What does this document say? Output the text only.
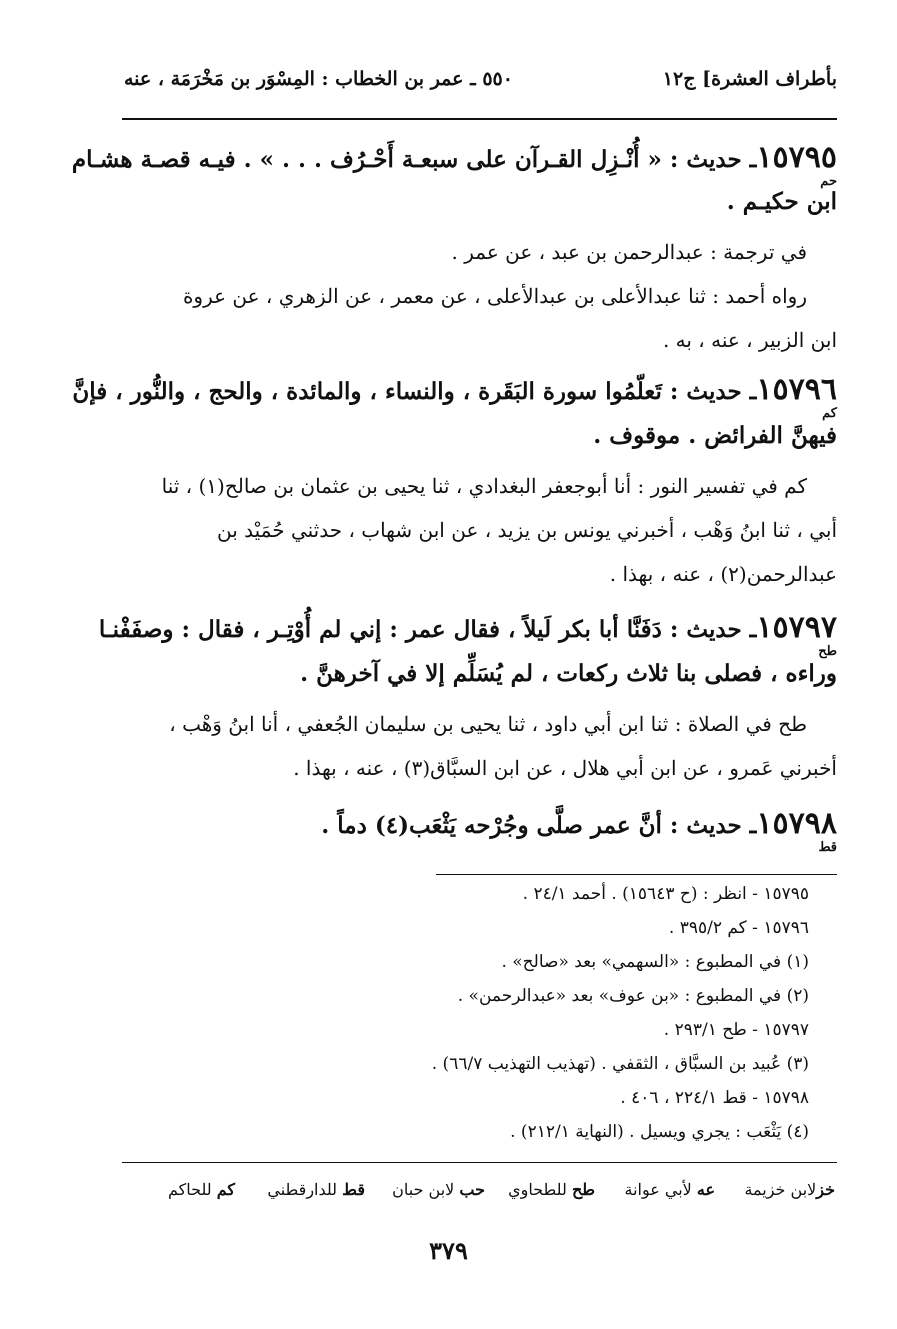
بأطراف العشرة] ج١٢
٥٥٠ ـ عمر بن الخطاب : المِسْوَر بن مَخْرَمَة ، عنه
١٥٧٩٥ـ حديث : « أُنْـزِل القـرآن على سبعـة أَحْـرُف . . . » . فيـه قصـة هشـام
حم
ابن حكيـم .
في ترجمة : عبدالرحمن بن عبد ، عن عمر .
رواه أحمد : ثنا عبدالأعلى بن عبدالأعلى ، عن معمر ، عن الزهري ، عن عروة
ابن الزبير ، عنه ، به .
١٥٧٩٦ـ حديث : تَعلّمُوا سورة البَقَرة ، والنساء ، والمائدة ، والحج ، والنُّور ، فإنَّ
كم
فيهنَّ الفرائض . موقوف .
كم في تفسير النور : أنا أبوجعفر البغدادي ، ثنا يحيى بن عثمان بن صالح(١) ، ثنا
أبي ، ثنا ابنُ وَهْب ، أخبرني يونس بن يزيد ، عن ابن شهاب ، حدثني حُمَيْد بن
عبدالرحمن(٢) ، عنه ، بهذا .
١٥٧٩٧ـ حديث : دَفَنَّا أبا بكر لَيلاً ، فقال عمر : إني لم أُوْتِـر ، فقال : وصفَفْنـا
طح
وراءه ، فصلى بنا ثلاث ركعات ، لم يُسَلِّم إلا في آخرهنَّ .
طح في الصلاة : ثنا ابن أبي داود ، ثنا يحيى بن سليمان الجُعفي ، أنا ابنُ وَهْب ،
أخبرني عَمرو ، عن ابن أبي هلال ، عن ابن السبَّاق(٣) ، عنه ، بهذا .
١٥٧٩٨ـ حديث : أنَّ عمر صلَّى وجُرْحه يَثْعَب(٤) دماً .
قط
١٥٧٩٥ - انظر : (ح ١٥٦٤٣) . أحمد ٢٤/١ .
١٥٧٩٦ - كم ٣٩٥/٢ .
(١) في المطبوع : «السهمي» بعد «صالح» .
(٢) في المطبوع : «بن عوف» بعد «عبدالرحمن» .
١٥٧٩٧ - طح ٢٩٣/١ .
(٣) عُبيد بن السبَّاق ، الثقفي . (تهذيب التهذيب ٦٦/٧) .
١٥٧٩٨ - قط ٢٢٤/١ ، ٤٠٦ .
(٤) يَثْعَب : يجري ويسيل . (النهاية ٢١٢/١) .
خزلابن خزيمة
عه لأبي عوانة
طح للطحاوي
حب لابن حبان
قط للدارقطني
كم للحاكم
٣٧٩
